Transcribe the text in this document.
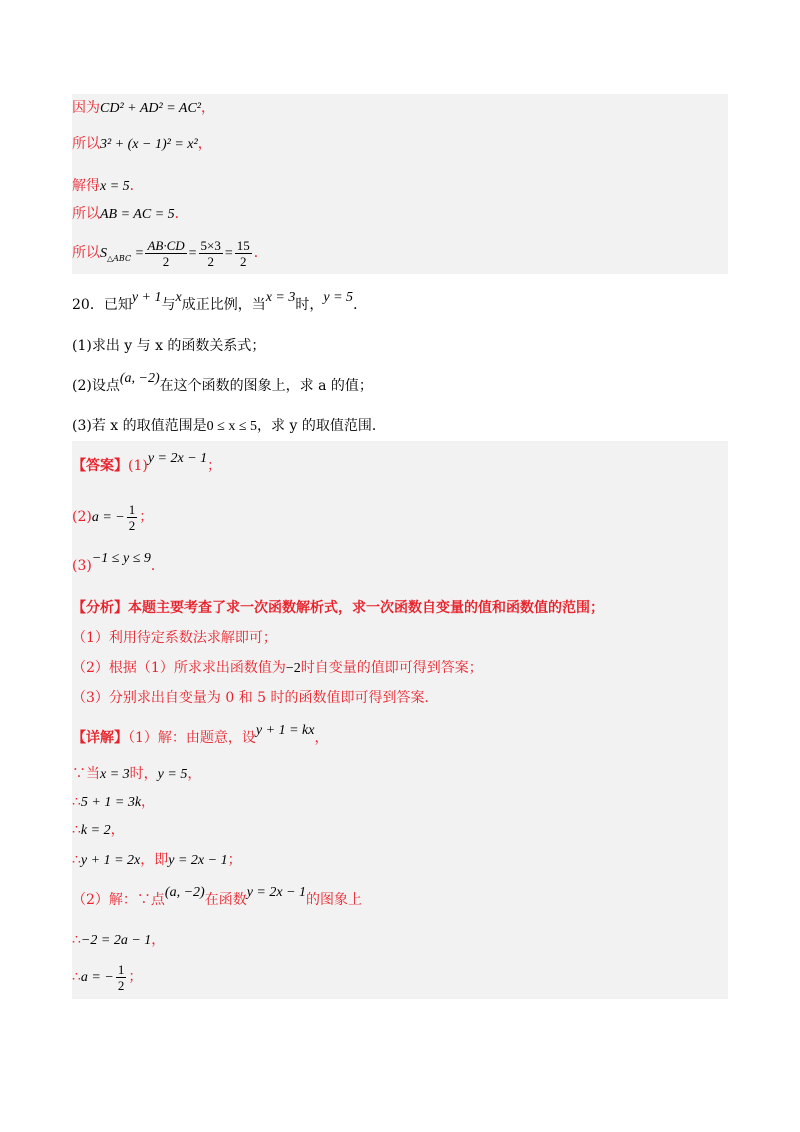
因为CD² + AD² = AC²，
所以3² + (x − 1)² = x²，
解得x = 5．
所以AB = AC = 5．
所以$S_{\triangle ABC} = \frac{AB\cdot CD}{2} = \frac{5\times 3}{2} = \frac{15}{2}$ ．
20．已知y + 1与x成正比例，当x = 3时，y = 5．
(1)求出 y 与 x 的函数关系式；
(2)设点(a, −2)在这个函数的图象上，求 a 的值；
(3)若 x 的取值范围是0 ≤ x ≤ 5，求 y 的取值范围．
【答案】(1)y = 2x − 1；
(2)a = − $\frac{1}{2}$ ；
(3)−1 ≤ y ≤ 9．
【分析】本题主要考查了求一次函数解析式，求一次函数自变量的值和函数值的范围；
（1）利用待定系数法求解即可；
（2）根据（1）所求求出函数值为−2时自变量的值即可得到答案；
（3）分别求出自变量为 0 和 5 时的函数值即可得到答案．
【详解】（1）解：由题意，设y + 1 = kx，
∵当x = 3时，y = 5，
∴5 + 1 = 3k，
∴k = 2，
∴y + 1 = 2x，即y = 2x − 1；
（2）解：∵点(a, −2)在函数y = 2x − 1的图象上
∴−2 = 2a − 1，
∴a = − $\frac{1}{2}$ ；
